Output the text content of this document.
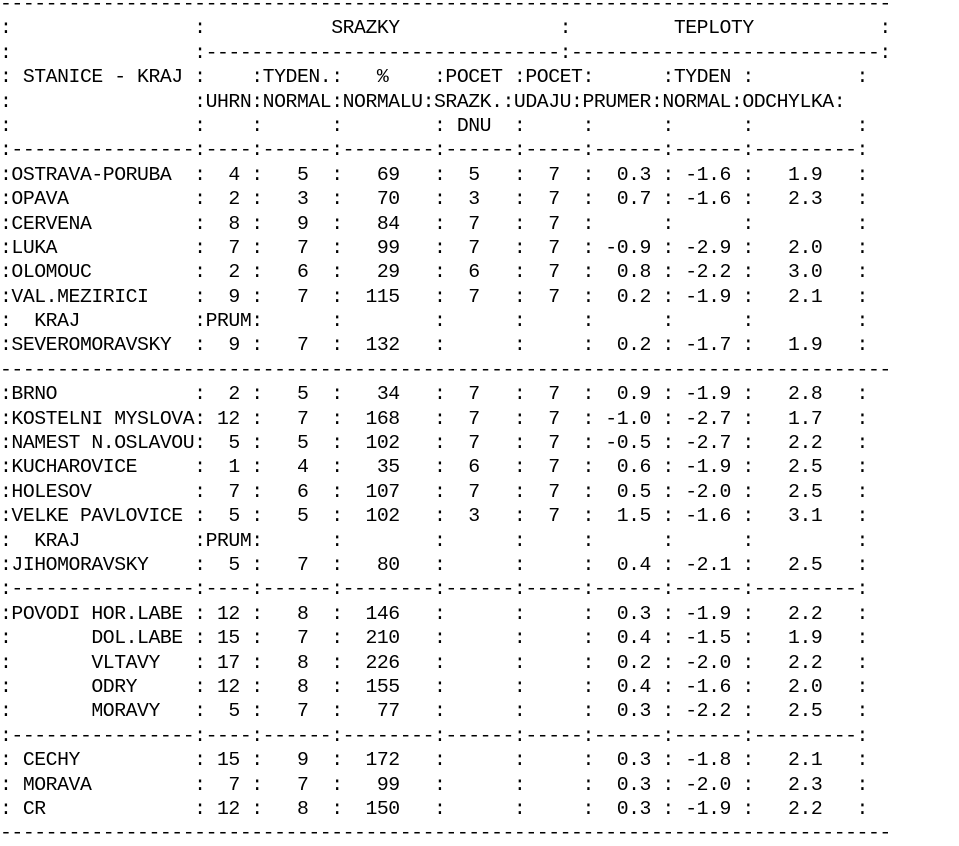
------------------------------------------------------------------------------
:                :           SRAZKY              :         TEPLOTY           :
:                :-------------------------------:---------------------------:
: STANICE - KRAJ :    :TYDEN.:   %    :POCET :POCET:      :TYDEN :         :
:                :UHRN:NORMAL:NORMALU:SRAZK.:UDAJU:PRUMER:NORMAL:ODCHYLKA:
:                :    :      :        : DNU  :     :      :      :         :
:----------------:----:------:--------:------:-----:------:------:---------:
:OSTRAVA-PORUBA  :  4 :   5  :   69   :  5   :  7  :  0.3 : -1.6 :   1.9   :
:OPAVA           :  2 :   3  :   70   :  3   :  7  :  0.7 : -1.6 :   2.3   :
:CERVENA         :  8 :   9  :   84   :  7   :  7  :      :      :         :
:LUKA            :  7 :   7  :   99   :  7   :  7  : -0.9 : -2.9 :   2.0   :
:OLOMOUC         :  2 :   6  :   29   :  6   :  7  :  0.8 : -2.2 :   3.0   :
:VAL.MEZIRICI    :  9 :   7  :  115   :  7   :  7  :  0.2 : -1.9 :   2.1   :
:  KRAJ          :PRUM:      :        :      :     :      :      :         :
:SEVEROMORAVSKY  :  9 :   7  :  132   :      :     :  0.2 : -1.7 :   1.9   :
------------------------------------------------------------------------------
:BRNO            :  2 :   5  :   34   :  7   :  7  :  0.9 : -1.9 :   2.8   :
:KOSTELNI MYSLOVA: 12 :   7  :  168   :  7   :  7  : -1.0 : -2.7 :   1.7   :
:NAMEST N.OSLAVOU:  5 :   5  :  102   :  7   :  7  : -0.5 : -2.7 :   2.2   :
:KUCHAROVICE     :  1 :   4  :   35   :  6   :  7  :  0.6 : -1.9 :   2.5   :
:HOLESOV         :  7 :   6  :  107   :  7   :  7  :  0.5 : -2.0 :   2.5   :
:VELKE PAVLOVICE :  5 :   5  :  102   :  3   :  7  :  1.5 : -1.6 :   3.1   :
:  KRAJ          :PRUM:      :        :      :     :      :      :         :
:JIHOMORAVSKY    :  5 :   7  :   80   :      :     :  0.4 : -2.1 :   2.5   :
:----------------:----:------:--------:------:-----:------:------:---------:
:POVODI HOR.LABE : 12 :   8  :  146   :      :     :  0.3 : -1.9 :   2.2   :
:       DOL.LABE : 15 :   7  :  210   :      :     :  0.4 : -1.5 :   1.9   :
:       VLTAVY   : 17 :   8  :  226   :      :     :  0.2 : -2.0 :   2.2   :
:       ODRY     : 12 :   8  :  155   :      :     :  0.4 : -1.6 :   2.0   :
:       MORAVY   :  5 :   7  :   77   :      :     :  0.3 : -2.2 :   2.5   :
:----------------:----:------:--------:------:-----:------:------:---------:
: CECHY          : 15 :   9  :  172   :      :     :  0.3 : -1.8 :   2.1   :
: MORAVA         :  7 :   7  :   99   :      :     :  0.3 : -2.0 :   2.3   :
: CR             : 12 :   8  :  150   :      :     :  0.3 : -1.9 :   2.2   :
------------------------------------------------------------------------------
